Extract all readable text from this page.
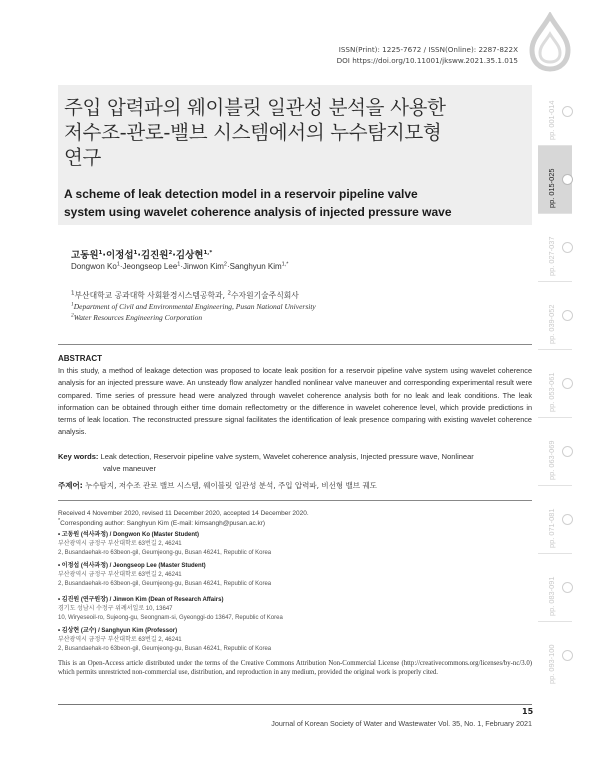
ISSN(Print): 1225-7672 / ISSN(Online): 2287-822X
DOI https://doi.org/10.11001/jksww.2021.35.1.015
주입 압력파의 웨이블릿 일관성 분석을 사용한
저수조-관로-밸브 시스템에서의 누수탐지모형
연구
A scheme of leak detection model in a reservoir pipeline valve
system using wavelet coherence analysis of injected pressure wave
고동원$^1$·이정섭$^1$·김진원$^2$·김상현$^{1,*}$
Dongwon $Ko^1\cdot Jeongseop$ Lee$^1$·Jinwon Kim$^2$·Sanghyun Kim$^{1,*}$
$^1$부산대학교 공과대학 사회환경시스템공학과, $^2$수자원기술주식회사
$^1$Department of Civil and Environmental Engineering, Pusan National University
$^2$Water Resources Engineering Corporation
ABSTRACT
In this study, a method of leakage detection was proposed to locate leak position for a reservoir pipeline valve system using wavelet coherence analysis for an injected pressure wave. An unsteady flow analyzer handled nonlinear valve maneuver and corresponding experimental result were compared. Time series of pressure head were analyzed through wavelet coherence analysis both for no leak and leak conditions. The leak information can be obtained through either time domain reflectometry or the difference in wavelet coherence level, which provide predictions in terms of leak location. The reconstructed pressure signal facilitates the identification of leak presence comparing with existing wavelet coherence analysis.
Key words: Leak detection, Reservoir pipeline valve system, Wavelet coherence analysis, Injected pressure wave, Nonlinear
valve maneuver
주제어: 누수탐지, 저수조 관로 밸브 시스템, 웨이블릿 일관성 분석, 주입 압력파, 비선형 밸브 궤도
Received 4 November 2020, revised 11 December 2020, accepted 14 December 2020.
*Corresponding author: Sanghyun Kim (E-mail: kimsangh@pusan.ac.kr)
• 고동원 (석사과정) / Dongwon Ko (Master Student)
부산광역시 금정구 부산대학로 63번길 2, 46241
2, Busandaehak-ro 63beon-gil, Geumjeong-gu, Busan 46241, Republic of Korea
• 이정섭 (석사과정) / Jeongseop Lee (Master Student)
부산광역시 금정구 부산대학로 63번길 2, 46241
2, Busandaehak-ro 63beon-gil, Geumjeong-gu, Busan 46241, Republic of Korea
• 김진원 (연구원장) / Jinwon Kim (Dean of Research Affairs)
경기도 성남시 수정구 위례서일로 10, 13647
10, Wiryeseoil-ro, Sujeong-gu, Seongnam-si, Gyeonggi-do 13647, Republic of Korea
• 김상현 (교수) / Sanghyun Kim (Professor)
부산광역시 금정구 부산대학로 63번길 2, 46241
2, Busandaehak-ro 63beon-gil, Geumjeong-gu, Busan 46241, Republic of Korea
This is an Open-Access article distributed under the terms of the Creative Commons Attribution Non-Commercial License (http://creativecommons.org/licenses/by-nc/3.0) which permits unrestricted non-commercial use, distribution, and reproduction in any medium, provided the original work is properly cited.
15
Journal of Korean Society of Water and Wastewater Vol. 35, No. 1, February 2021
pp. 001-014
pp. 015-025
pp. 027-037
pp. 039-052
pp. 053-061
pp. 063-069
pp. 071-081
pp. 083-091
pp. 093-100
